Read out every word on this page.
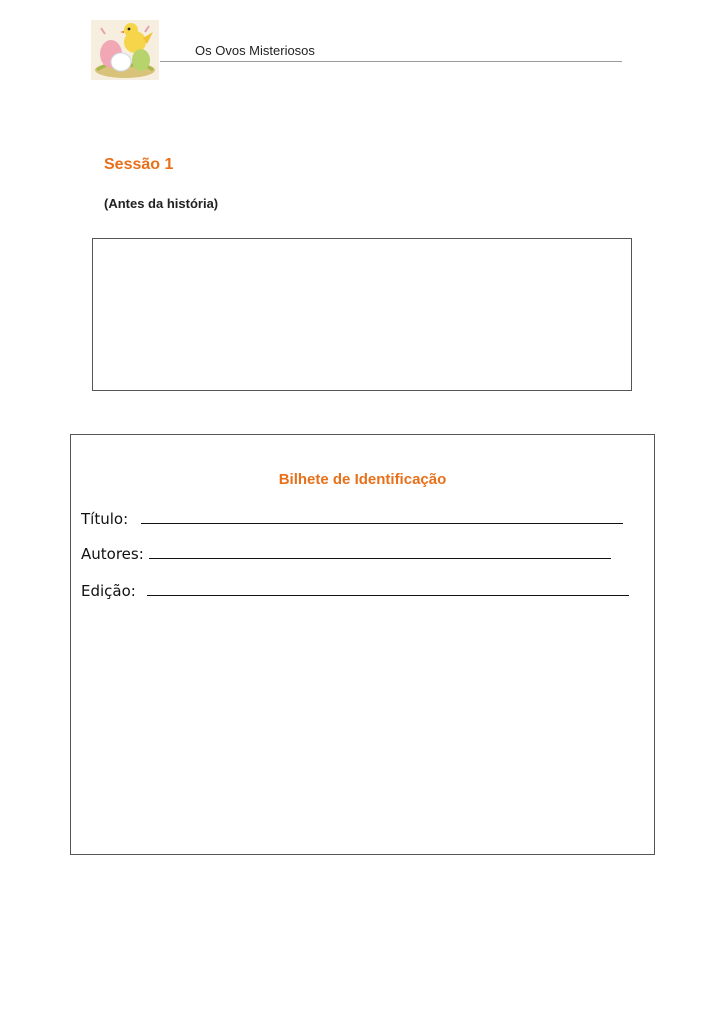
Os Ovos Misteriosos
Sessão 1
(Antes da história)
Bilhete de Identificação
Título:
Autores:
Edição:
